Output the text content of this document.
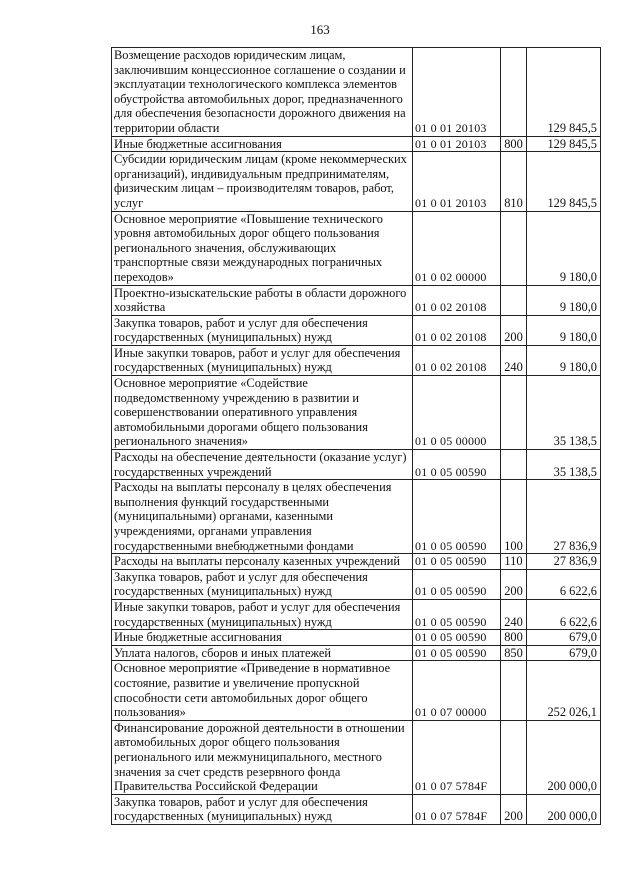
163
Возмещение расходов юридическим лицам, заключившим концессионное соглашение о создании и эксплуатации технологического комплекса элементов обустройства автомобильных дорог, предназначенного для обеспечения безопасности дорожного движения на территории области	01 0 01 20103		129 845,5
Иные бюджетные ассигнования	01 0 01 20103	800	129 845,5
Субсидии юридическим лицам (кроме некоммерческих организаций), индивидуальным предпринимателям, физическим лицам – производителям товаров, работ, услуг	01 0 01 20103	810	129 845,5
Основное мероприятие «Повышение технического уровня автомобильных дорог общего пользования регионального значения, обслуживающих транспортные связи международных пограничных переходов»	01 0 02 00000		9 180,0
Проектно-изыскательские работы в области дорожного хозяйства	01 0 02 20108		9 180,0
Закупка товаров, работ и услуг для обеспечения государственных (муниципальных) нужд	01 0 02 20108	200	9 180,0
Иные закупки товаров, работ и услуг для обеспечения государственных (муниципальных) нужд	01 0 02 20108	240	9 180,0
Основное мероприятие «Содействие подведомственному учреждению в развитии и совершенствовании оперативного управления автомобильными дорогами общего пользования регионального значения»	01 0 05 00000		35 138,5
Расходы на обеспечение деятельности (оказание услуг) государственных учреждений	01 0 05 00590		35 138,5
Расходы на выплаты персоналу в целях обеспечения выполнения функций государственными (муниципальными) органами, казенными учреждениями, органами управления государственными внебюджетными фондами	01 0 05 00590	100	27 836,9
Расходы на выплаты персоналу казенных учреждений	01 0 05 00590	110	27 836,9
Закупка товаров, работ и услуг для обеспечения государственных (муниципальных) нужд	01 0 05 00590	200	6 622,6
Иные закупки товаров, работ и услуг для обеспечения государственных (муниципальных) нужд	01 0 05 00590	240	6 622,6
Иные бюджетные ассигнования	01 0 05 00590	800	679,0
Уплата налогов, сборов и иных платежей	01 0 05 00590	850	679,0
Основное мероприятие «Приведение в нормативное состояние, развитие и увеличение пропускной способности сети автомобильных дорог общего пользования»	01 0 07 00000		252 026,1
Финансирование дорожной деятельности в отношении автомобильных дорог общего пользования регионального или межмуниципального, местного значения за счет средств резервного фонда Правительства Российской Федерации	01 0 07 5784F		200 000,0
Закупка товаров, работ и услуг для обеспечения государственных (муниципальных) нужд	01 0 07 5784F	200	200 000,0
